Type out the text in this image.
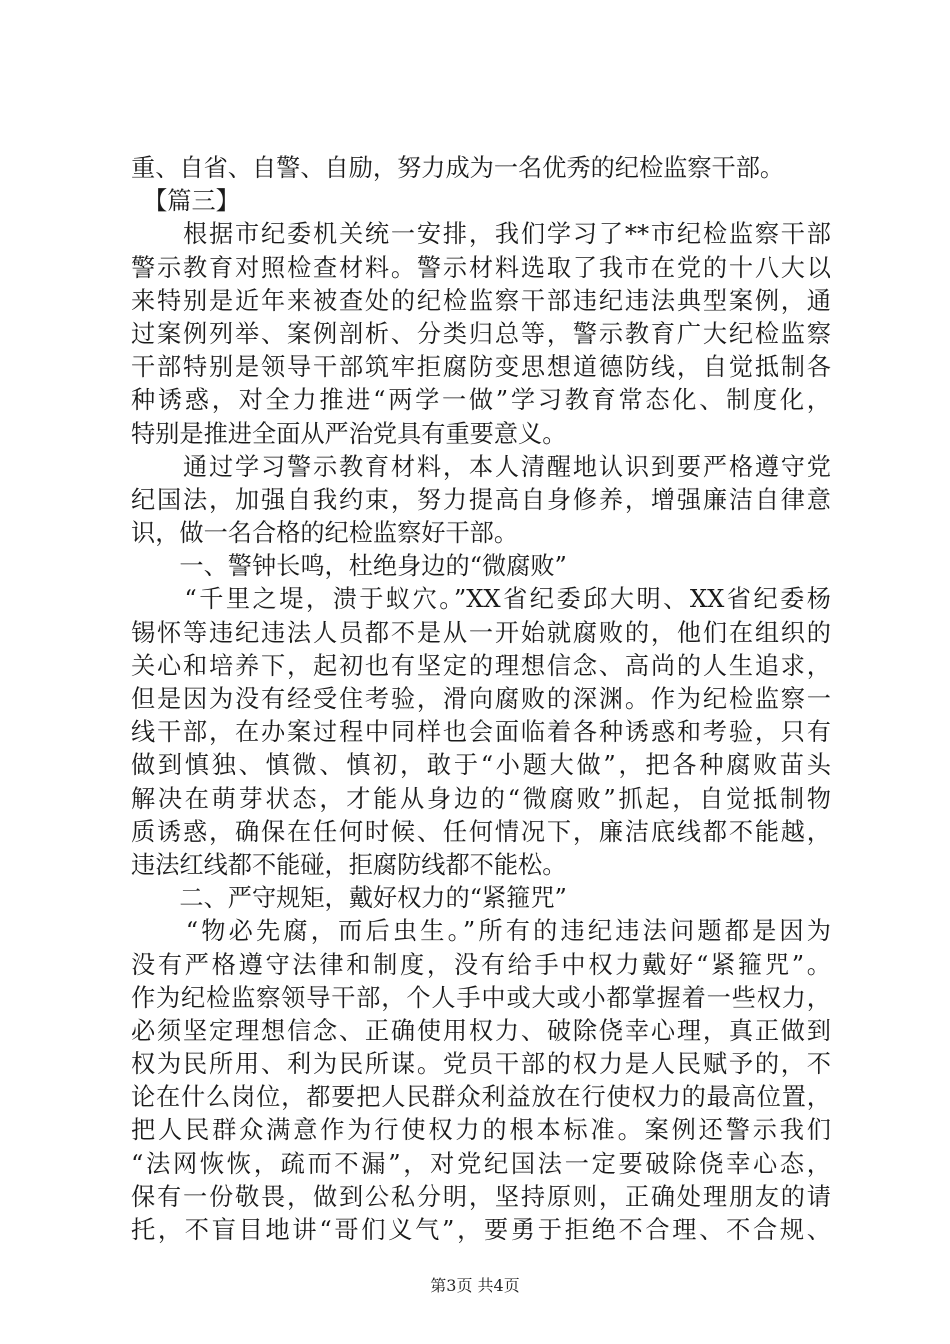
重、自省、自警、自励，努力成为一名优秀的纪检监察干部。
　【篇三】
　　根据市纪委机关统一安排，我们学习了**市纪检监察干部
警示教育对照检查材料。警示材料选取了我市在党的十八大以
来特别是近年来被查处的纪检监察干部违纪违法典型案例，通
过案例列举、案例剖析、分类归总等，警示教育广大纪检监察
干部特别是领导干部筑牢拒腐防变思想道德防线，自觉抵制各
种诱惑，对全力推进“两学一做”学习教育常态化、制度化，
特别是推进全面从严治党具有重要意义。
　　通过学习警示教育材料，本人清醒地认识到要严格遵守党
纪国法，加强自我约束，努力提高自身修养，增强廉洁自律意
识，做一名合格的纪检监察好干部。
　　一、警钟长鸣，杜绝身边的“微腐败”
　　“千里之堤，溃于蚁穴。”XX省纪委邱大明、XX省纪委杨
锡怀等违纪违法人员都不是从一开始就腐败的，他们在组织的
关心和培养下，起初也有坚定的理想信念、高尚的人生追求，
但是因为没有经受住考验，滑向腐败的深渊。作为纪检监察一
线干部，在办案过程中同样也会面临着各种诱惑和考验，只有
做到慎独、慎微、慎初，敢于“小题大做”，把各种腐败苗头
解决在萌芽状态，才能从身边的“微腐败”抓起，自觉抵制物
质诱惑，确保在任何时候、任何情况下，廉洁底线都不能越，
违法红线都不能碰，拒腐防线都不能松。
　　二、严守规矩，戴好权力的“紧箍咒”
　　“物必先腐，而后虫生。”所有的违纪违法问题都是因为
没有严格遵守法律和制度，没有给手中权力戴好“紧箍咒”。
作为纪检监察领导干部，个人手中或大或小都掌握着一些权力，
必须坚定理想信念、正确使用权力、破除侥幸心理，真正做到
权为民所用、利为民所谋。党员干部的权力是人民赋予的，不
论在什么岗位，都要把人民群众利益放在行使权力的最高位置，
把人民群众满意作为行使权力的根本标准。案例还警示我们
“法网恢恢，疏而不漏”，对党纪国法一定要破除侥幸心态，
保有一份敬畏，做到公私分明，坚持原则，正确处理朋友的请
托，不盲目地讲“哥们义气”，要勇于拒绝不合理、不合规、
第3页 共4页
